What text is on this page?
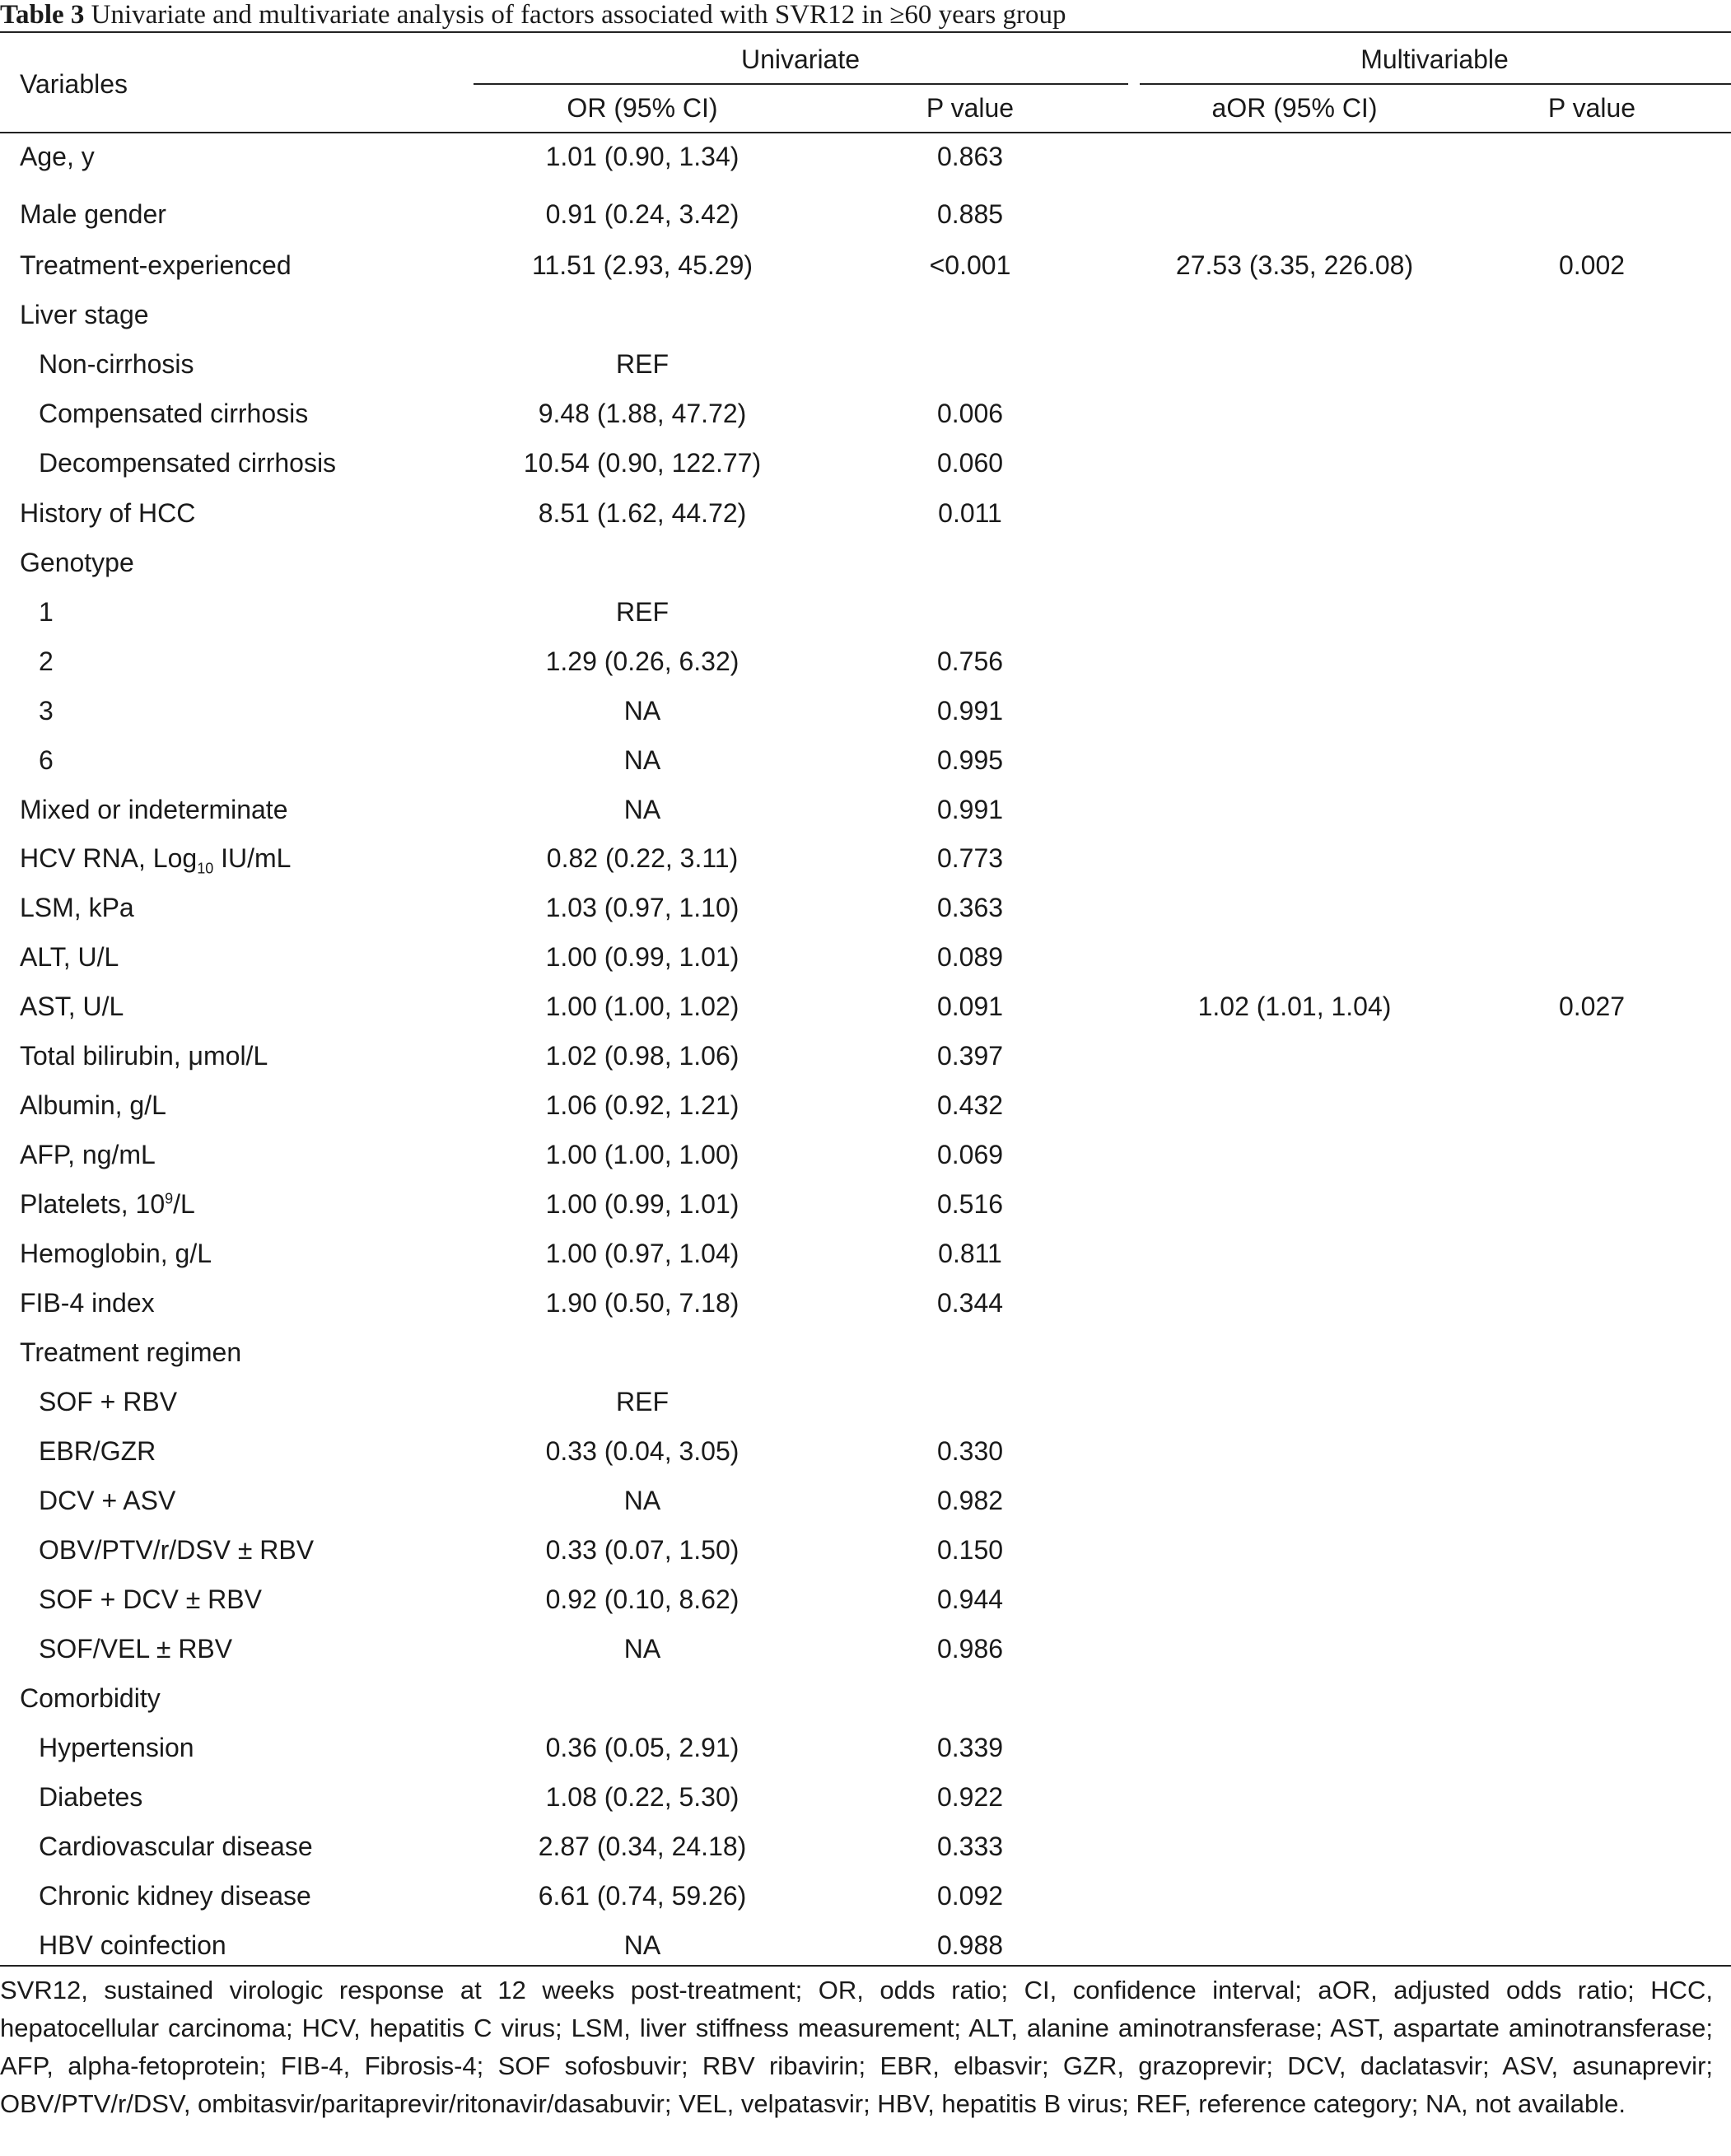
Table 3 Univariate and multivariate analysis of factors associated with SVR12 in ≥60 years group
Variables
Univariate	Multivariable
OR (95% CI)	P value	aOR (95% CI)	P value
Age, y	1.01 (0.90, 1.34)	0.863
Male gender	0.91 (0.24, 3.42)	0.885
Treatment-experienced	11.51 (2.93, 45.29)	<0.001	27.53 (3.35, 226.08)	0.002
Liver stage
Non-cirrhosis	REF
Compensated cirrhosis	9.48 (1.88, 47.72)	0.006
Decompensated cirrhosis	10.54 (0.90, 122.77)	0.060
History of HCC	8.51 (1.62, 44.72)	0.011
Genotype
1	REF
2	1.29 (0.26, 6.32)	0.756
3	NA	0.991
6	NA	0.995
Mixed or indeterminate	NA	0.991
HCV RNA, Log$_{10}$ IU/mL	0.82 (0.22, 3.11)	0.773
LSM, kPa	1.03 (0.97, 1.10)	0.363
ALT, U/L	1.00 (0.99, 1.01)	0.089
AST, U/L	1.00 (1.00, 1.02)	0.091	1.02 (1.01, 1.04)	0.027
Total bilirubin, μmol/L	1.02 (0.98, 1.06)	0.397
Albumin, g/L	1.06 (0.92, 1.21)	0.432
AFP, ng/mL	1.00 (1.00, 1.00)	0.069
Platelets, $10^9/L$	1.00 (0.99, 1.01)	0.516
Hemoglobin, g/L	1.00 (0.97, 1.04)	0.811
FIB-4 index	1.90 (0.50, 7.18)	0.344
Treatment regimen
SOF + RBV	REF
EBR/GZR	0.33 (0.04, 3.05)	0.330
DCV + ASV	NA	0.982
OBV/PTV/r/DSV ± RBV	0.33 (0.07, 1.50)	0.150
SOF + DCV ± RBV	0.92 (0.10, 8.62)	0.944
SOF/VEL ± RBV	NA	0.986
Comorbidity
Hypertension	0.36 (0.05, 2.91)	0.339
Diabetes	1.08 (0.22, 5.30)	0.922
Cardiovascular disease	2.87 (0.34, 24.18)	0.333
Chronic kidney disease	6.61 (0.74, 59.26)	0.092
HBV coinfection	NA	0.988
SVR12, sustained virologic response at 12 weeks post-treatment; OR, odds ratio; CI, confidence interval; aOR, adjusted odds ratio; HCC, hepatocellular carcinoma; HCV, hepatitis C virus; LSM, liver stiffness measurement; ALT, alanine aminotransferase; AST, aspartate aminotransferase; AFP, alpha-fetoprotein; FIB-4, Fibrosis-4; SOF sofosbuvir; RBV ribavirin; EBR, elbasvir; GZR, grazoprevir; DCV, daclatasvir; ASV, asunaprevir; OBV/PTV/r/DSV, ombitasvir/paritaprevir/ritonavir/dasabuvir; VEL, velpatasvir; HBV, hepatitis B virus; REF, reference category; NA, not available.
